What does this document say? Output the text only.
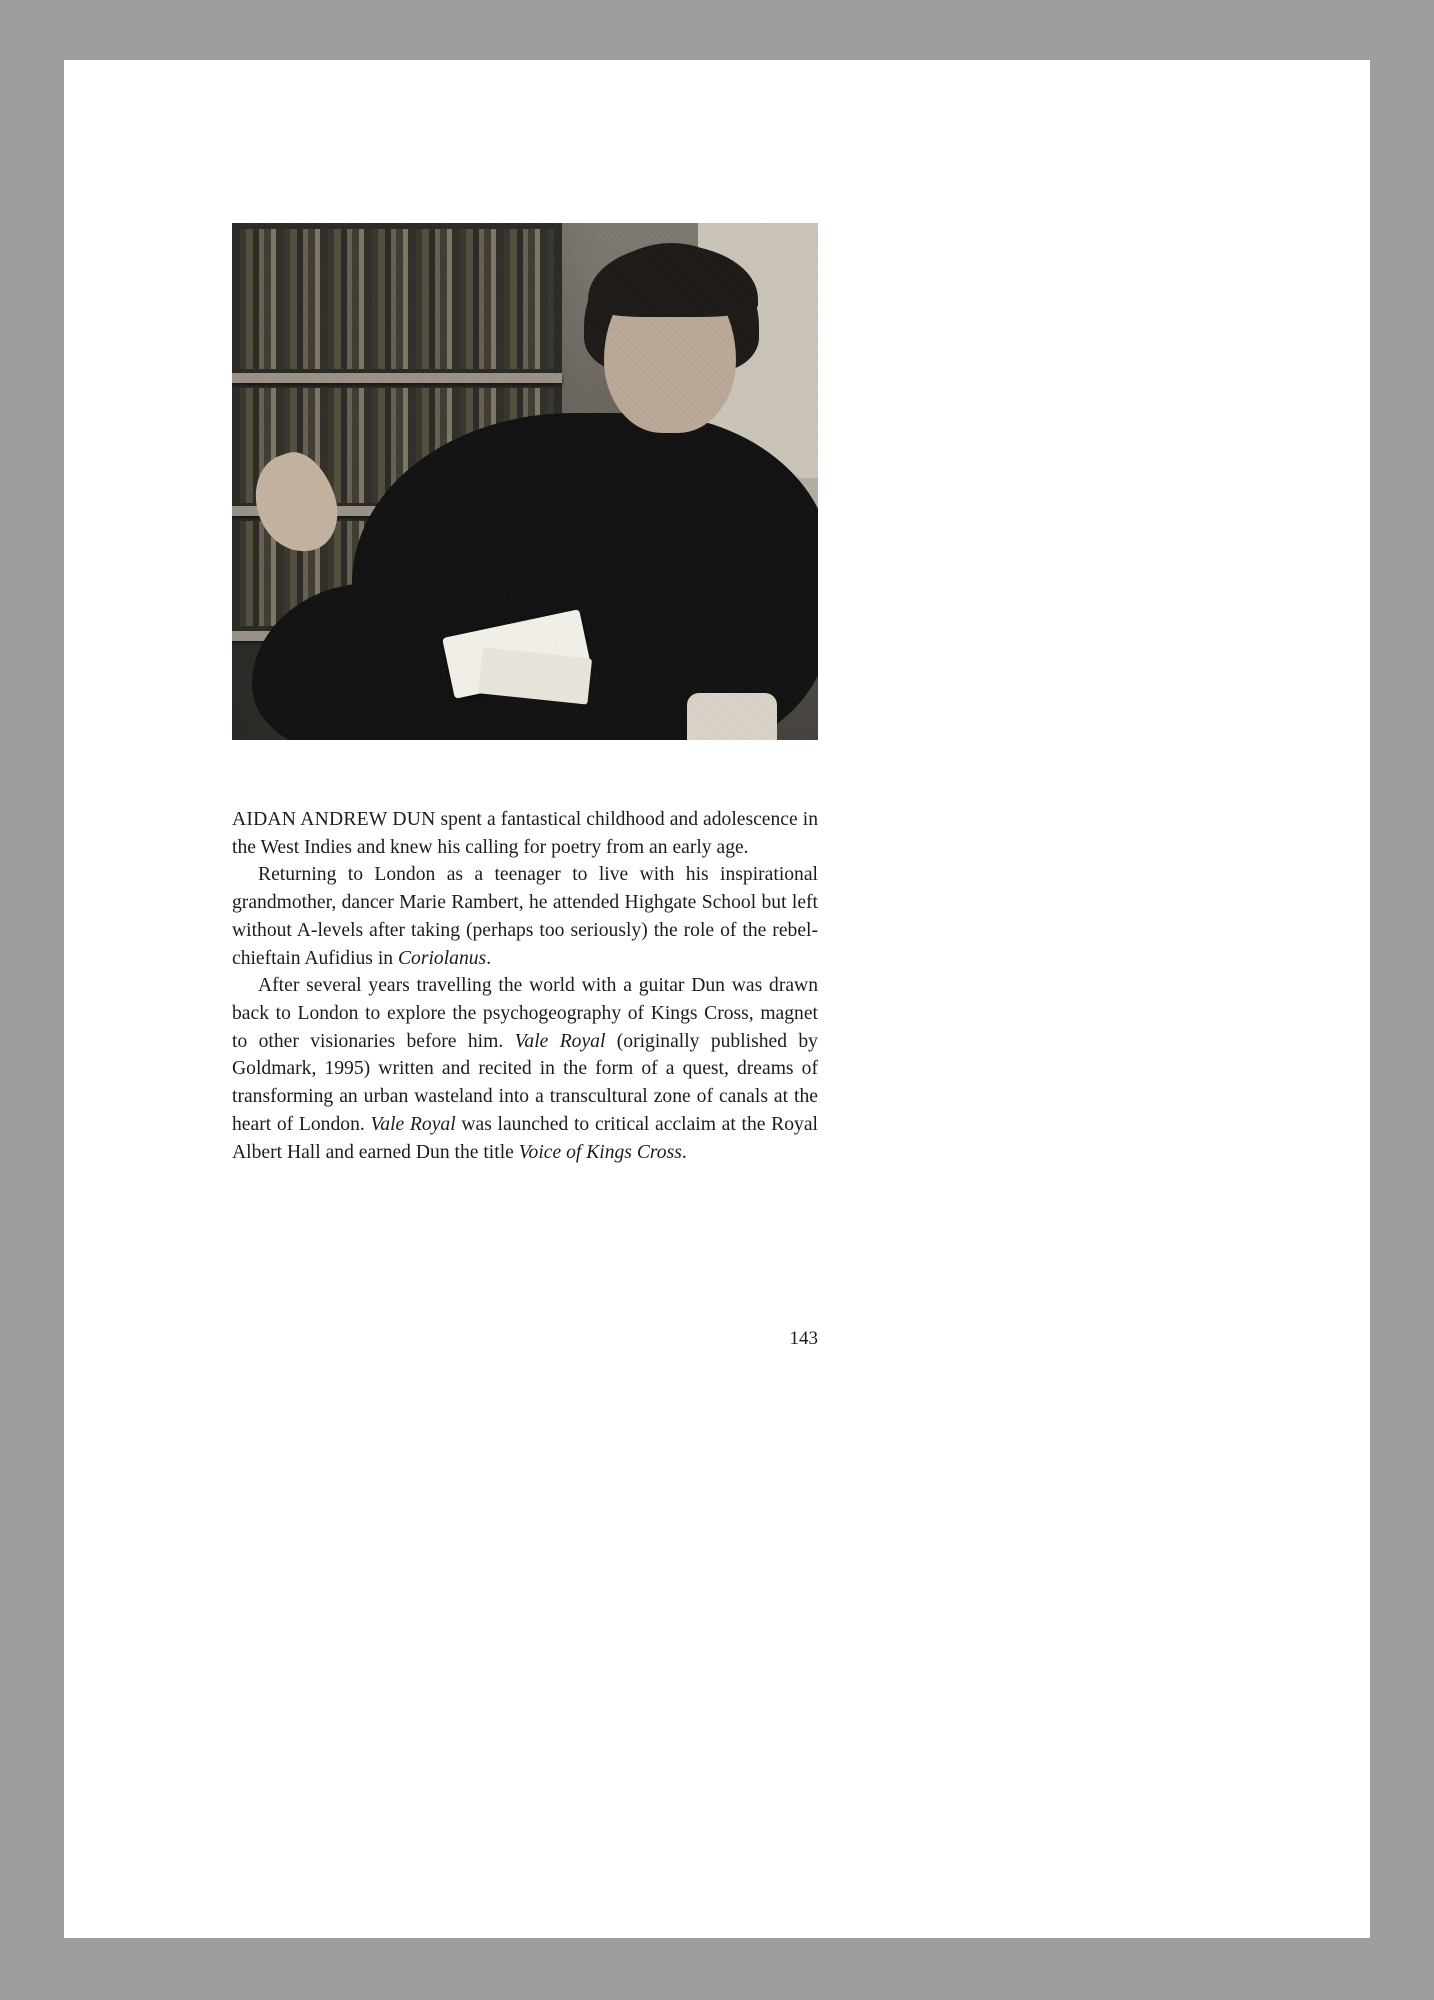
AIDAN ANDREW DUN spent a fantastical childhood and adolescence in the West Indies and knew his calling for poetry from an early age.

Returning to London as a teenager to live with his inspirational grandmother, dancer Marie Rambert, he attended Highgate School but left without A-levels after taking (perhaps too seriously) the role of the rebel-chieftain Aufidius in Coriolanus.

After several years travelling the world with a guitar Dun was drawn back to London to explore the psychogeography of Kings Cross, magnet to other visionaries before him. Vale Royal (originally published by Goldmark, 1995) written and recited in the form of a quest, dreams of transforming an urban wasteland into a transcultural zone of canals at the heart of London. Vale Royal was launched to critical acclaim at the Royal Albert Hall and earned Dun the title Voice of Kings Cross.

143
